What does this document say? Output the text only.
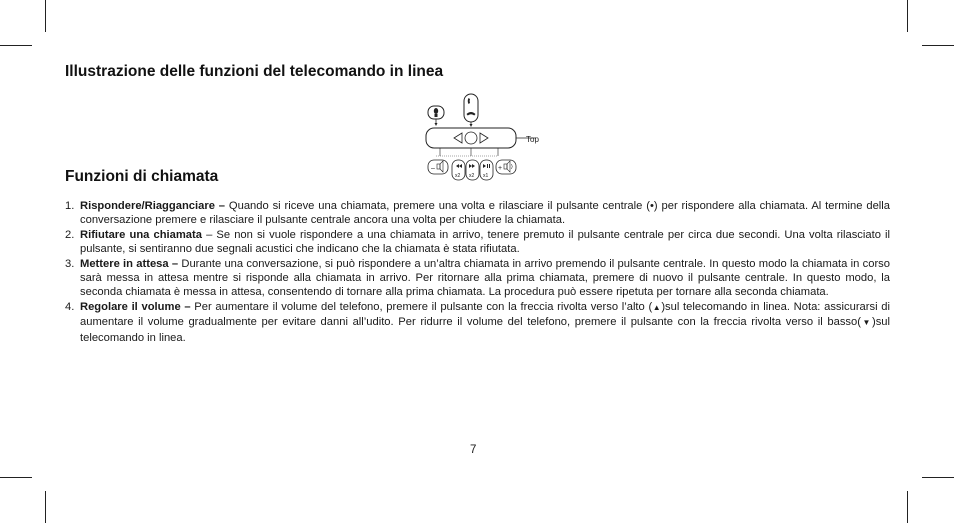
Illustrazione delle funzioni del telecomando in linea
Top
–
x2 x2 x1
+
Funzioni di chiamata
1. Rispondere/Riagganciare – Quando si riceve una chiamata, premere una volta e rilasciare il pulsante centrale (•) per rispondere alla chiamata. Al termine della conversazione premere e rilasciare il pulsante centrale ancora una volta per chiudere la chiamata.
2. Rifiutare una chiamata – Se non si vuole rispondere a una chiamata in arrivo, tenere premuto il pulsante centrale per circa due secondi. Una volta rilasciato il pulsante, si sentiranno due segnali acustici che indicano che la chiamata è stata rifiutata.
3. Mettere in attesa – Durante una conversazione, si può rispondere a un’altra chiamata in arrivo premendo il pulsante centrale. In questo modo la chiamata in corso sarà messa in attesa mentre si risponde alla chiamata in arrivo. Per ritornare alla prima chiamata, premere di nuovo il pulsante centrale. In questo modo, la seconda chiamata è messa in attesa, consentendo di tornare alla prima chiamata. La procedura può essere ripetuta per tornare alla seconda chiamata.
4. Regolare il volume – Per aumentare il volume del telefono, premere il pulsante con la freccia rivolta verso l’alto (▲)sul telecomando in linea. Nota: assicurarsi di aumentare il volume gradualmente per evitare danni all’udito. Per ridurre il volume del telefono, premere il pulsante con la freccia rivolta verso il basso(▼)sul telecomando in linea.
7
